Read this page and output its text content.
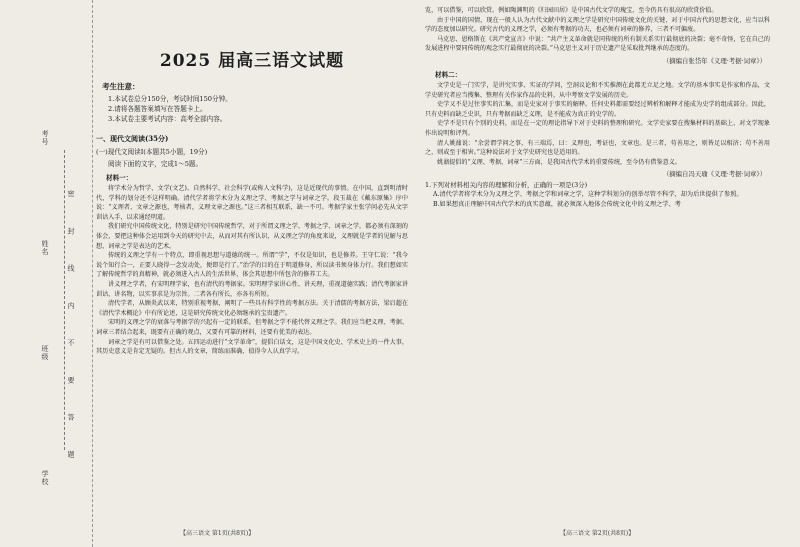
考号
姓名
班级
学校
密 封 线 内 不 要 答 题
2025 届高三语文试题
考生注意：
1.本试卷总分150分，考试时间150分钟。
2.请将各题答案填写在答题卡上。
3.本试卷主要考试内容：高考全部内容。
一、现代文阅读(35分)
(一)现代文阅读Ⅰ(本题共5小题，19分)
阅读下面的文字，完成1～5题。
材料一：

将学术分为哲学、文学(文艺)、自然科学、社会科学(或称人文科学)，这是近现代的事情。在中国，直到明清时代，学科的划分还不这样明确。清代学者将学术分为义理之学、考据之学与词章之学。段玉裁在《戴东原集》序中说：“义理者，文章之源也，考核者，义理文章之源也。”这三者相互联系，缺一不可。考据学家主张学问必先从文字训诂入手，以求通经明道。

我们研究中国传统文化，特别是研究中国传统哲学，对于所谓义理之学、考据之学、词章之学，都必须有深刻的体会，要把这种体会运用到今天的研究中去，从而对其有所认识，从义理之学的角度来说，义理就是学者的见解与思想，词章之学是表达的艺术。

传统的义理之学有一个特点，即重视思想与道德的统一。所谓“学”，不仅是知识，也是修养。王守仁说：“我今说个知行合一，正要人晓得一念发动处，便即是行了。”治学的目的在于明道修身，所以读书须身体力行。我们想如实了解传统哲学的真精神，就必须进入古人的生活世界，体会其思想中所包含的修养工夫。

讲义理之学者，有宋明理学家，也有清代的考据家。宋明理学家讲心性、讲天理，重视道德实践；清代考据家讲训诂、讲名物，以实事求是为宗旨。二者各有所长，亦各有所短。

清代学者，从顾炎武以来，特别重视考据，阐明了一些具有科学性的考据方法。关于清儒的考据方法，梁启超在《清代学术概论》中有所论述，这是研究传统文化必须继承的宝贵遗产。

宋明的义理之学的衰落与考据学的兴起有一定的联系，但考据之学不能代替义理之学。我们应当把义理、考据、词章三者结合起来，既要有正确的观点，又要有可靠的材料，还要有优美的表达。

词章之学是有可以借鉴之处。五四运动进行“文学革命”，提倡白话文，这是中国文化史、学术史上的一件大事，其历史意义是肯定无疑的。但古人的文章，简练而准确，值得今人认真学习。

览，可以借鉴，可以欣赏。例如陶渊明的《归园田居》是中国古代文学的瑰宝，至今仍具有很高的欣赏价值。

由于中国的国情，现在一般人认为古代文献中的义理之学是研究中国传统文化的关键，对于中国古代的思想文化，应当以科学的态度加以研究。研究古代的义理之学，必须有考据的功夫，也必须有词章的修养，三者不可偏废。

马克思、恩格斯在《共产党宣言》中说：“共产主义革命就是同传统的所有制关系实行最彻底的决裂；毫不奇怪，它在自己的发展进程中要同传统的观念实行最彻底的决裂。”马克思主义对于历史遗产是采取批判继承的态度的。

（摘编自张岱年《义理·考据·词章》）
材料二：

文学史是一门实学，是讲究实事、实证的学问，空洞议论和不实推测在此都无立足之地。文学的基本事实是作家和作品，文学史研究者应当搜集、整理有关作家作品的史料，从中考察文学发展的历史。

史学又不是过往事实的汇集，而是史家对于事实的解释。任何史料都需要经过辨析和解释才能成为史学的组成部分。因此，只有史料而缺乏史识，只有考据而缺乏义理，是不能成为真正的史学的。

史学不是只有个别的史料，而是在一定的理论指导下对于史料的整理和研究。文学史家要在搜集材料的基础上，对文学现象作出说明和评判。

清人姚鼐说：“余尝谓学问之事，有三端焉，曰：义理也，考证也，文章也。是三者，苟善用之，则皆足以相济；苟不善用之，则或至于相害。”这种说法对于文学史研究也是适用的。

姚鼐提倡的“义理、考据、词章”三方面，是我国古代学术的重要传统，至今仍有借鉴意义。

（摘编自冯天瑜《义理·考据·词章》）
1.下列对材料相关内容的理解和分析，正确的一项是(3分)
A.清代学者将学术分为义理之学、考据之学和词章之学，这种学科划分的创举尽管不科学，却为后世提供了参照。
B.如果想真正理解中国古代学术的真实意蕴，就必须深入地体会传统文化中的义理之学、考
【高三语文 第1页(共8页)】	【高三语文 第2页(共8页)】
